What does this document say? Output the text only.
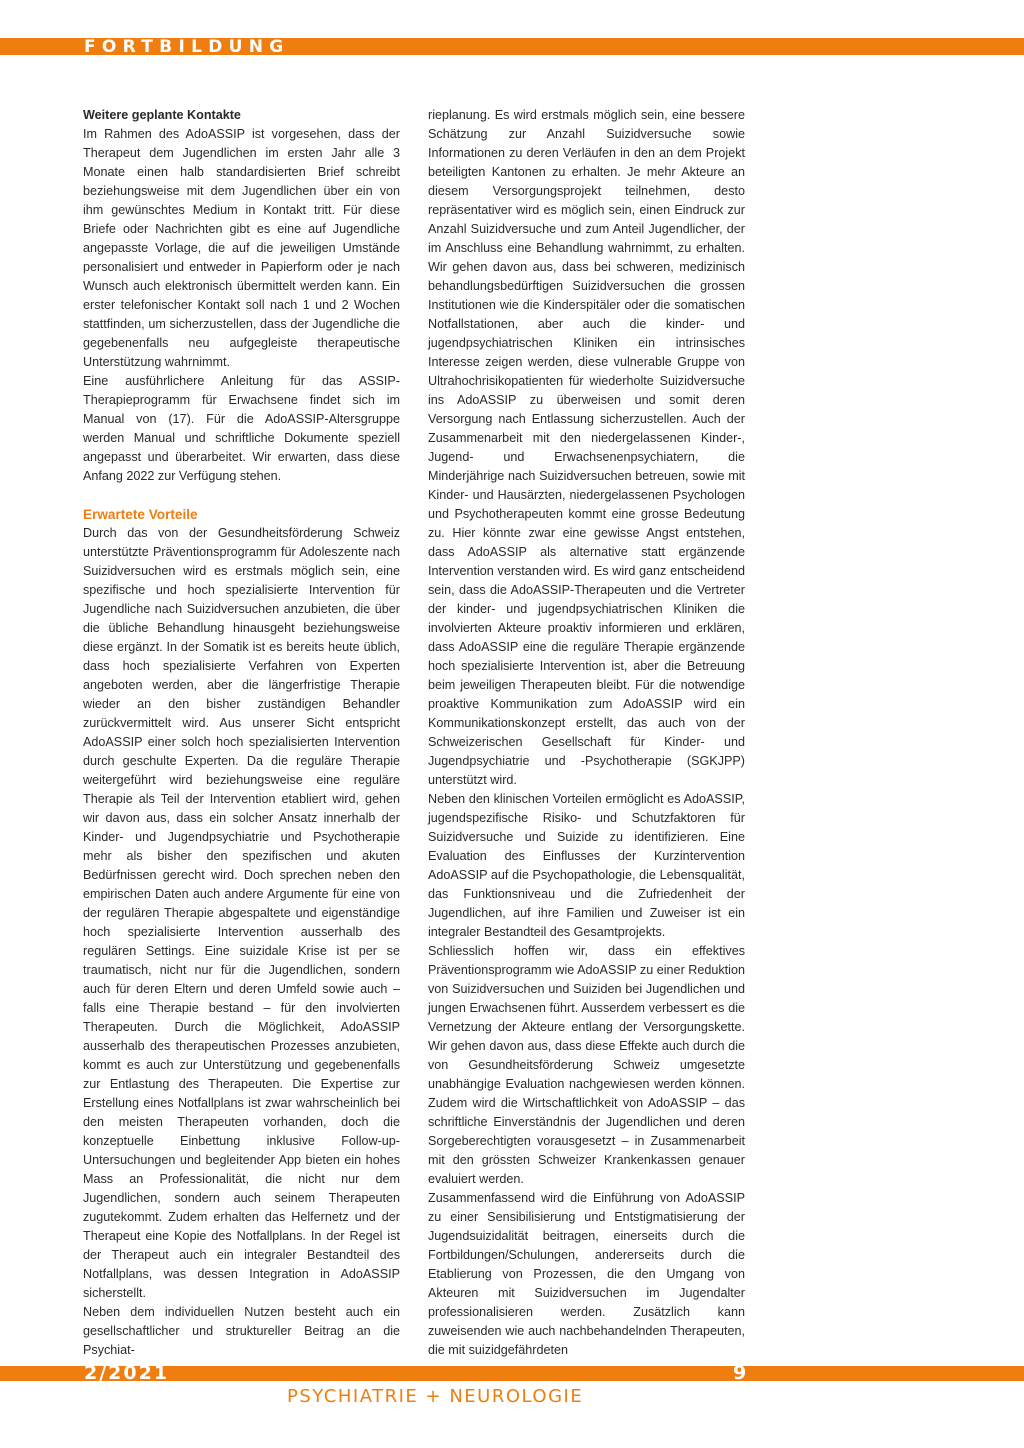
FORTBILDUNG
Weitere geplante Kontakte

Im Rahmen des AdoASSIP ist vorgesehen, dass der Therapeut dem Jugendlichen im ersten Jahr alle 3 Monate einen halb standardisierten Brief schreibt beziehungsweise mit dem Jugendlichen über ein von ihm gewünschtes Medium in Kontakt tritt. Für diese Briefe oder Nachrichten gibt es eine auf Jugendliche angepasste Vorlage, die auf die jeweiligen Umstände personalisiert und entweder in Papierform oder je nach Wunsch auch elektronisch übermittelt werden kann. Ein erster telefonischer Kontakt soll nach 1 und 2 Wochen stattfinden, um sicherzustellen, dass der Jugendliche die gegebenenfalls neu aufgegleiste therapeutische Unterstützung wahrnimmt.

Eine ausführlichere Anleitung für das ASSIP-Therapieprogramm für Erwachsene findet sich im Manual von (17). Für die AdoASSIP-Altersgruppe werden Manual und schriftliche Dokumente speziell angepasst und überarbeitet. Wir erwarten, dass diese Anfang 2022 zur Verfügung stehen.

Erwartete Vorteile

Durch das von der Gesundheitsförderung Schweiz unterstützte Präventionsprogramm für Adoleszente nach Suizidversuchen wird es erstmals möglich sein, eine spezifische und hoch spezialisierte Intervention für Jugendliche nach Suizidversuchen anzubieten, die über die übliche Behandlung hinausgeht beziehungsweise diese ergänzt. In der Somatik ist es bereits heute üblich, dass hoch spezialisierte Verfahren von Experten angeboten werden, aber die längerfristige Therapie wieder an den bisher zuständigen Behandler zurückvermittelt wird. Aus unserer Sicht entspricht AdoASSIP einer solch hoch spezialisierten Intervention durch geschulte Experten. Da die reguläre Therapie weitergeführt wird beziehungsweise eine reguläre Therapie als Teil der Intervention etabliert wird, gehen wir davon aus, dass ein solcher Ansatz innerhalb der Kinder- und Jugendpsychiatrie und Psychotherapie mehr als bisher den spezifischen und akuten Bedürfnissen gerecht wird. Doch sprechen neben den empirischen Daten auch andere Argumente für eine von der regulären Therapie abgespaltete und eigenständige hoch spezialisierte Intervention ausserhalb des regulären Settings. Eine suizidale Krise ist per se traumatisch, nicht nur für die Jugendlichen, sondern auch für deren Eltern und deren Umfeld sowie auch – falls eine Therapie bestand – für den involvierten Therapeuten. Durch die Möglichkeit, AdoASSIP ausserhalb des therapeutischen Prozesses anzubieten, kommt es auch zur Unterstützung und gegebenenfalls zur Entlastung des Therapeuten. Die Expertise zur Erstellung eines Notfallplans ist zwar wahrscheinlich bei den meisten Therapeuten vorhanden, doch die konzeptuelle Einbettung inklusive Follow-up-Untersuchungen und begleitender App bieten ein hohes Mass an Professionalität, die nicht nur dem Jugendlichen, sondern auch seinem Therapeuten zugutekommt. Zudem erhalten das Helfernetz und der Therapeut eine Kopie des Notfallplans. In der Regel ist der Therapeut auch ein integraler Bestandteil des Notfallplans, was dessen Integration in AdoASSIP sicherstellt.

Neben dem individuellen Nutzen besteht auch ein gesellschaftlicher und struktureller Beitrag an die Psychiat-

rieplanung. Es wird erstmals möglich sein, eine bessere Schätzung zur Anzahl Suizidversuche sowie Informationen zu deren Verläufen in den an dem Projekt beteiligten Kantonen zu erhalten. Je mehr Akteure an diesem Versorgungsprojekt teilnehmen, desto repräsentativer wird es möglich sein, einen Eindruck zur Anzahl Suizidversuche und zum Anteil Jugendlicher, der im Anschluss eine Behandlung wahrnimmt, zu erhalten. Wir gehen davon aus, dass bei schweren, medizinisch behandlungsbedürftigen Suizidversuchen die grossen Institutionen wie die Kinderspitäler oder die somatischen Notfallstationen, aber auch die kinder- und jugendpsychiatrischen Kliniken ein intrinsisches Interesse zeigen werden, diese vulnerable Gruppe von Ultrahochrisikopatienten für wiederholte Suizidversuche ins AdoASSIP zu überweisen und somit deren Versorgung nach Entlassung sicherzustellen. Auch der Zusammenarbeit mit den niedergelassenen Kinder-, Jugend- und Erwachsenenpsychiatern, die Minderjährige nach Suizidversuchen betreuen, sowie mit Kinder- und Hausärzten, niedergelassenen Psychologen und Psychotherapeuten kommt eine grosse Bedeutung zu. Hier könnte zwar eine gewisse Angst entstehen, dass AdoASSIP als alternative statt ergänzende Intervention verstanden wird. Es wird ganz entscheidend sein, dass die AdoASSIP-Therapeuten und die Vertreter der kinder- und jugendpsychiatrischen Kliniken die involvierten Akteure proaktiv informieren und erklären, dass AdoASSIP eine die reguläre Therapie ergänzende hoch spezialisierte Intervention ist, aber die Betreuung beim jeweiligen Therapeuten bleibt. Für die notwendige proaktive Kommunikation zum AdoASSIP wird ein Kommunikationskonzept erstellt, das auch von der Schweizerischen Gesellschaft für Kinder- und Jugendpsychiatrie und -Psychotherapie (SGKJPP) unterstützt wird.

Neben den klinischen Vorteilen ermöglicht es AdoASSIP, jugendspezifische Risiko- und Schutzfaktoren für Suizidversuche und Suizide zu identifizieren. Eine Evaluation des Einflusses der Kurzintervention AdoASSIP auf die Psychopathologie, die Lebensqualität, das Funktionsniveau und die Zufriedenheit der Jugendlichen, auf ihre Familien und Zuweiser ist ein integraler Bestandteil des Gesamtprojekts.

Schliesslich hoffen wir, dass ein effektives Präventionsprogramm wie AdoASSIP zu einer Reduktion von Suizidversuchen und Suiziden bei Jugendlichen und jungen Erwachsenen führt. Ausserdem verbessert es die Vernetzung der Akteure entlang der Versorgungskette. Wir gehen davon aus, dass diese Effekte auch durch die von Gesundheitsförderung Schweiz umgesetzte unabhängige Evaluation nachgewiesen werden können. Zudem wird die Wirtschaftlichkeit von AdoASSIP – das schriftliche Einverständnis der Jugendlichen und deren Sorgeberechtigten vorausgesetzt – in Zusammenarbeit mit den grössten Schweizer Krankenkassen genauer evaluiert werden.

Zusammenfassend wird die Einführung von AdoASSIP zu einer Sensibilisierung und Entstigmatisierung der Jugendsuizidalität beitragen, einerseits durch die Fortbildungen/Schulungen, andererseits durch die Etablierung von Prozessen, die den Umgang von Akteuren mit Suizidversuchen im Jugendalter professionalisieren werden. Zusätzlich kann zuweisenden wie auch nachbehandelnden Therapeuten, die mit suizidgefährdeten

2/2021	9
PSYCHIATRIE + NEUROLOGIE
